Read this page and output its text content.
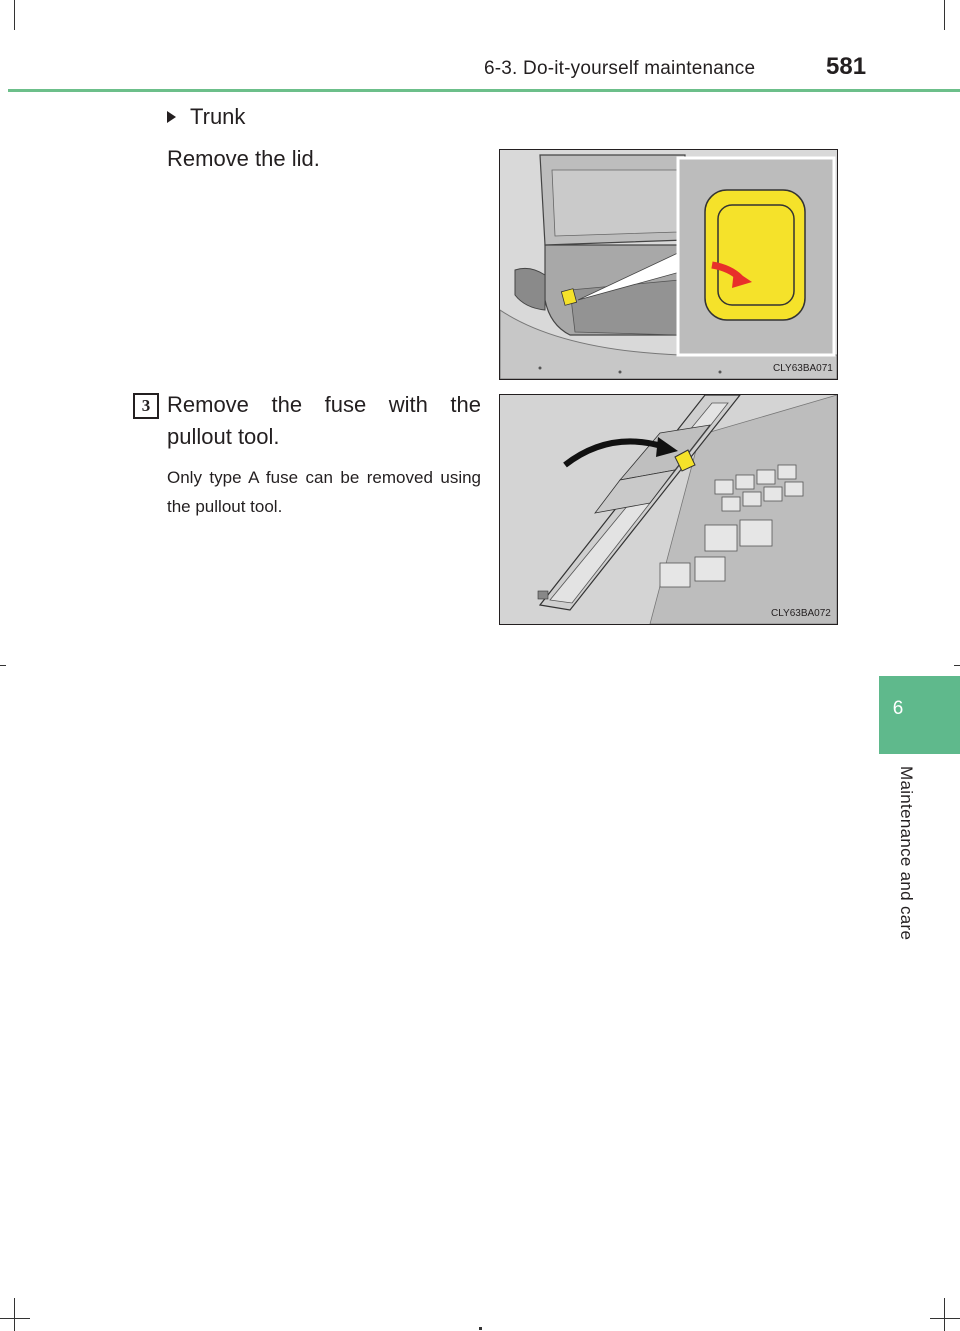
6-3. Do-it-yourself maintenance	581
6
Maintenance and care
Trunk
Remove the lid.
CLY63BA071
3 Remove the fuse with the pullout tool.
Only type A fuse can be removed using the pullout tool.
CLY63BA072
